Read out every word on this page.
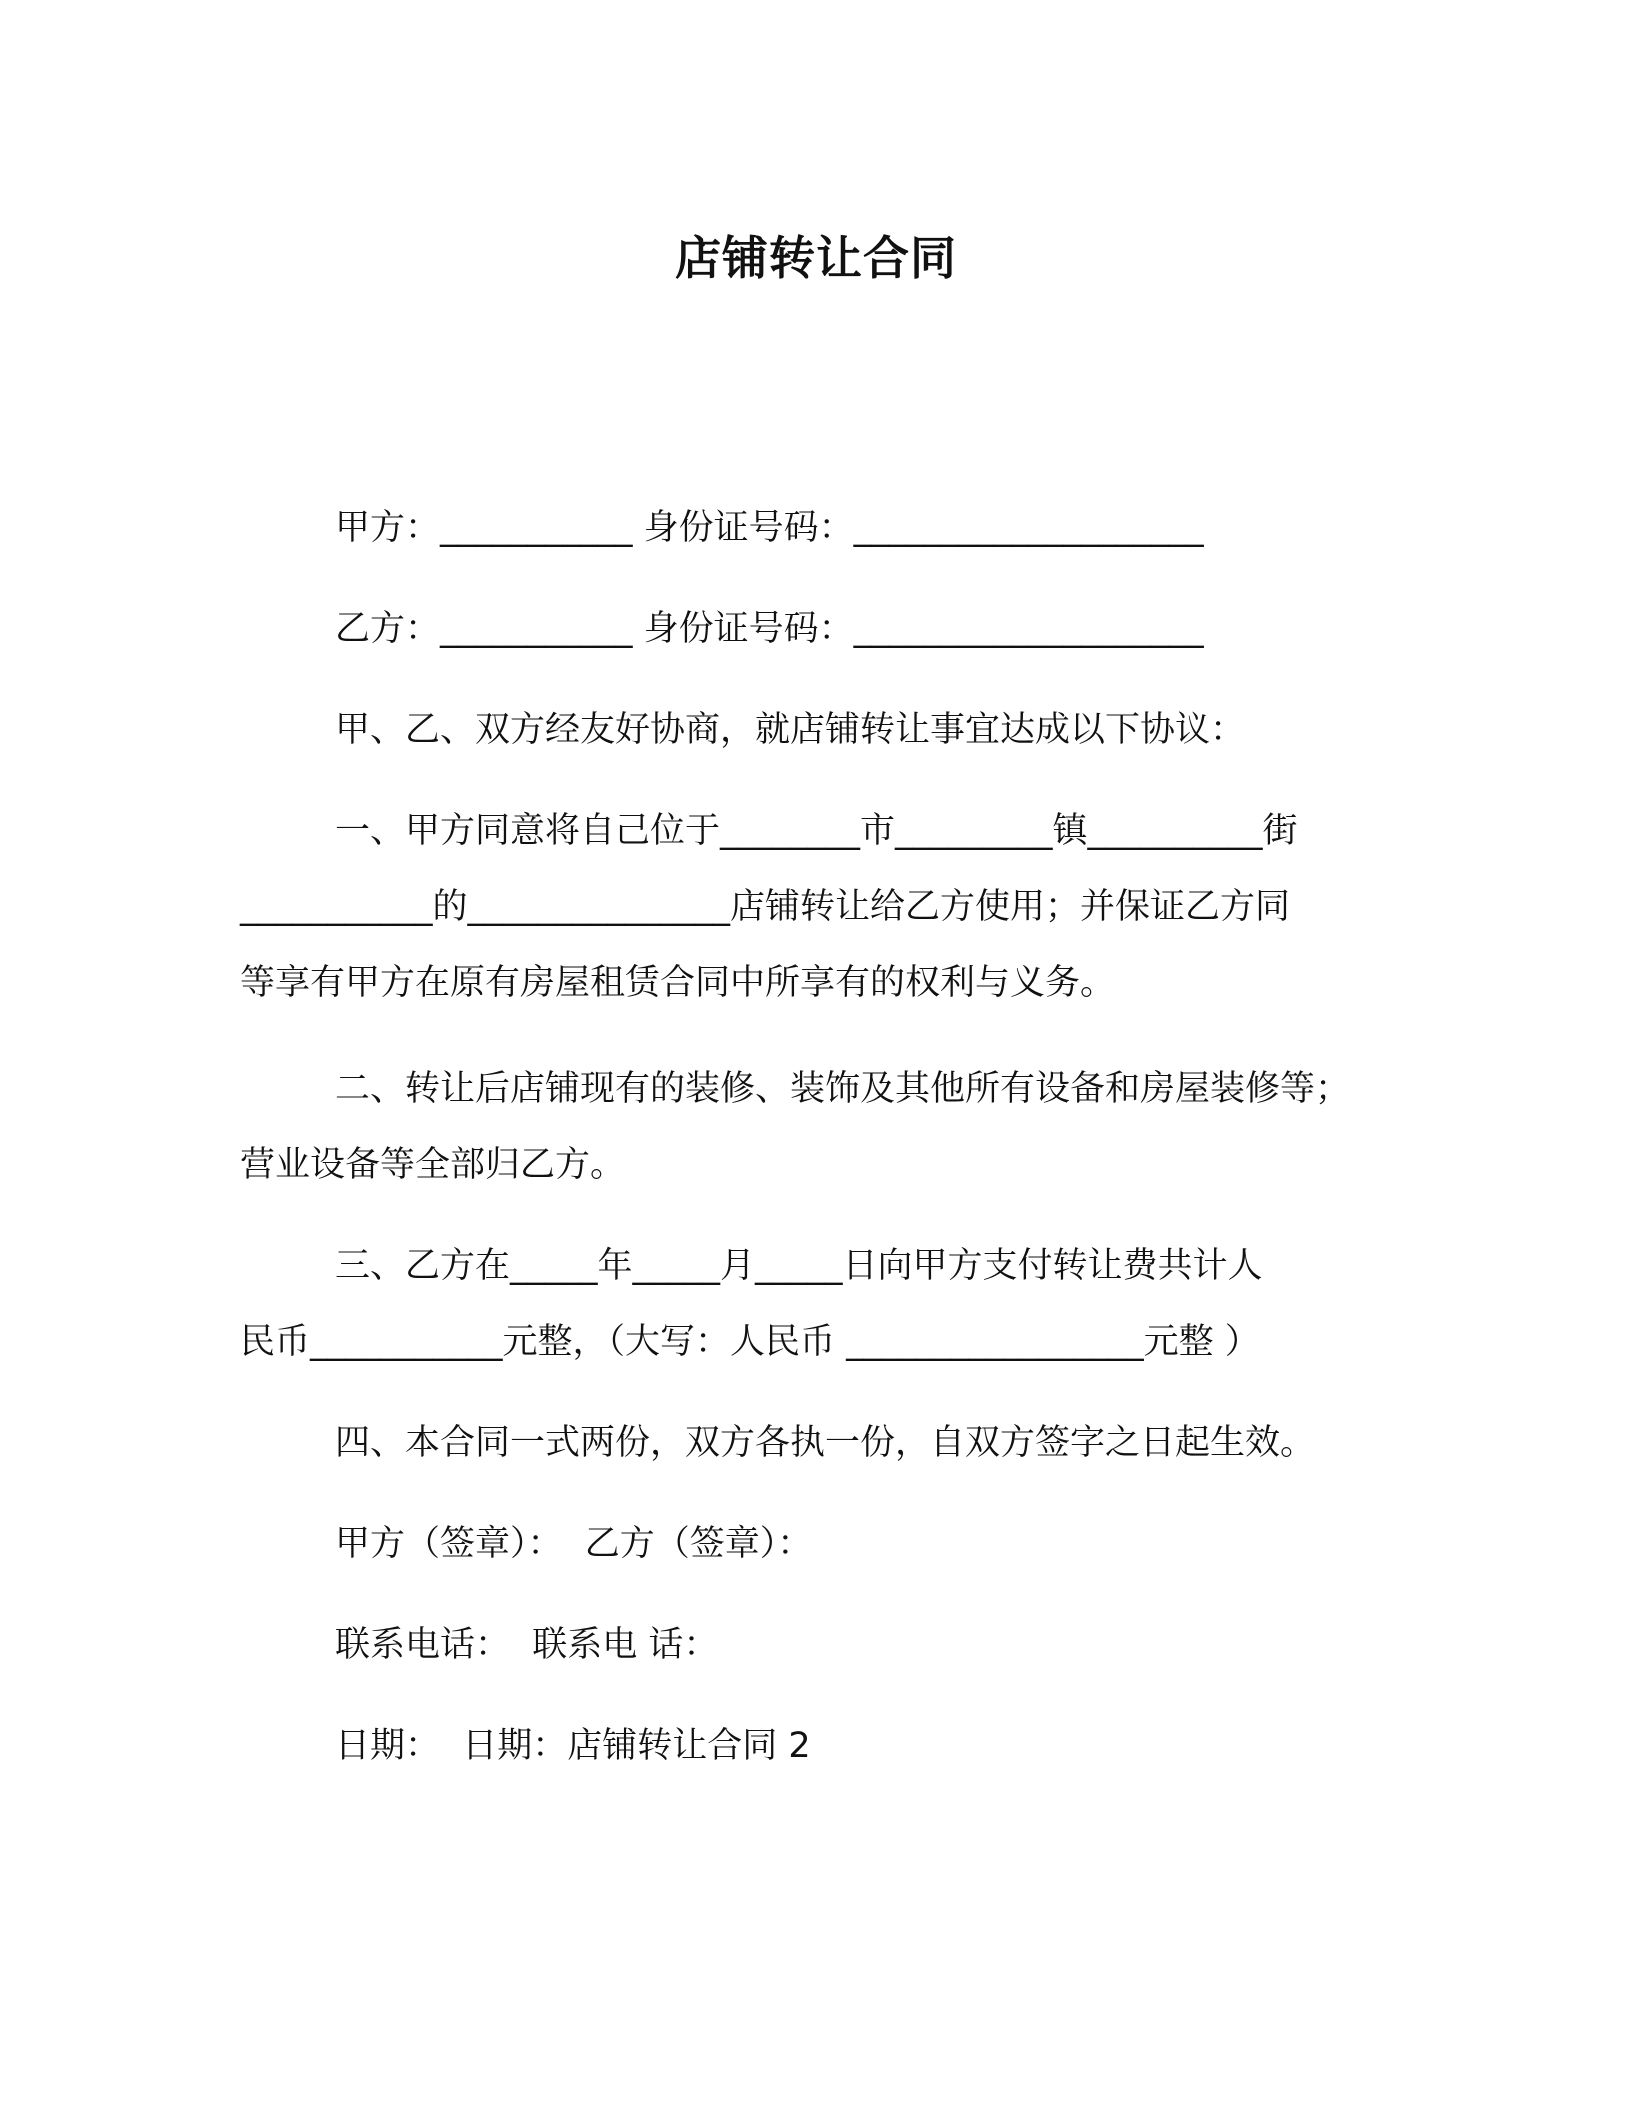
店铺转让合同

甲方：___________ 身份证号码：____________________

乙方：___________ 身份证号码：____________________

甲、乙、双方经友好协商，就店铺转让事宜达成以下协议：

一、甲方同意将自己位于________市_________镇__________街

___________的_______________店铺转让给乙方使用；并保证乙方同

等享有甲方在原有房屋租赁合同中所享有的权利与义务。

二、转让后店铺现有的装修、装饰及其他所有设备和房屋装修等；

营业设备等全部归乙方。

三、乙方在_____年_____月_____日向甲方支付转让费共计人

民币___________元整，（大写：人民币 _________________元整 ）

四、本合同一式两份，双方各执一份，自双方签字之日起生效。

甲方（签章）：  乙方（签章）：

联系电话：  联系电 话：

日期：  日期：店铺转让合同 2
